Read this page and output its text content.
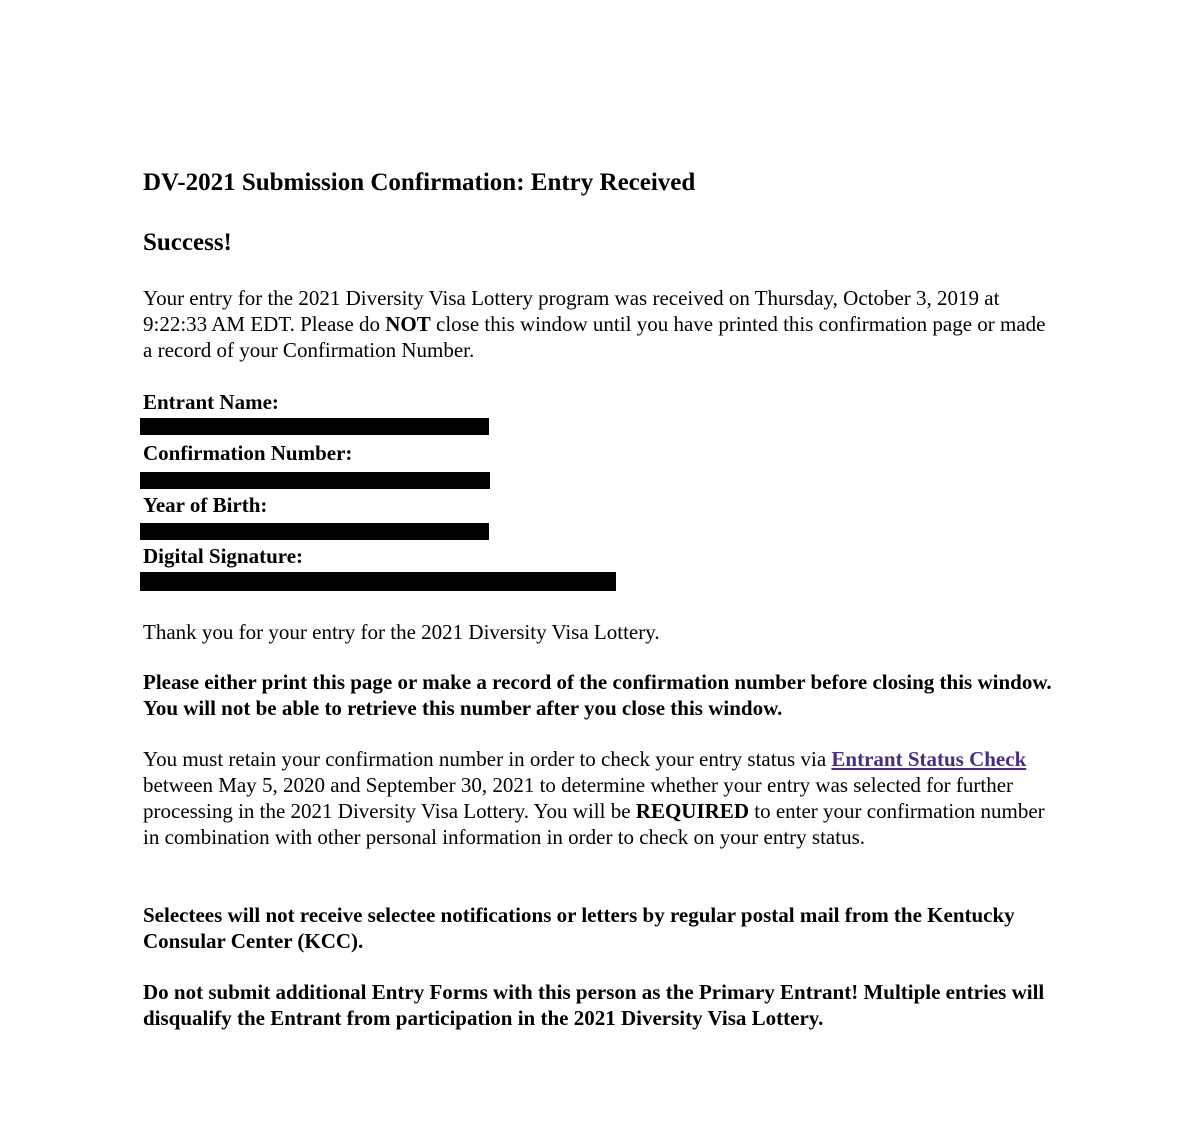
DV-2021 Submission Confirmation: Entry Received
Success!

Your entry for the 2021 Diversity Visa Lottery program was received on Thursday, October 3, 2019 at 9:22:33 AM EDT. Please do NOT close this window until you have printed this confirmation page or made a record of your Confirmation Number.

Entrant Name:
Confirmation Number:
Year of Birth:
Digital Signature:

Thank you for your entry for the 2021 Diversity Visa Lottery.

Please either print this page or make a record of the confirmation number before closing this window. You will not be able to retrieve this number after you close this window.

You must retain your confirmation number in order to check your entry status via Entrant Status Check between May 5, 2020 and September 30, 2021 to determine whether your entry was selected for further processing in the 2021 Diversity Visa Lottery. You will be REQUIRED to enter your confirmation number in combination with other personal information in order to check on your entry status.

Selectees will not receive selectee notifications or letters by regular postal mail from the Kentucky Consular Center (KCC).

Do not submit additional Entry Forms with this person as the Primary Entrant! Multiple entries will disqualify the Entrant from participation in the 2021 Diversity Visa Lottery.
